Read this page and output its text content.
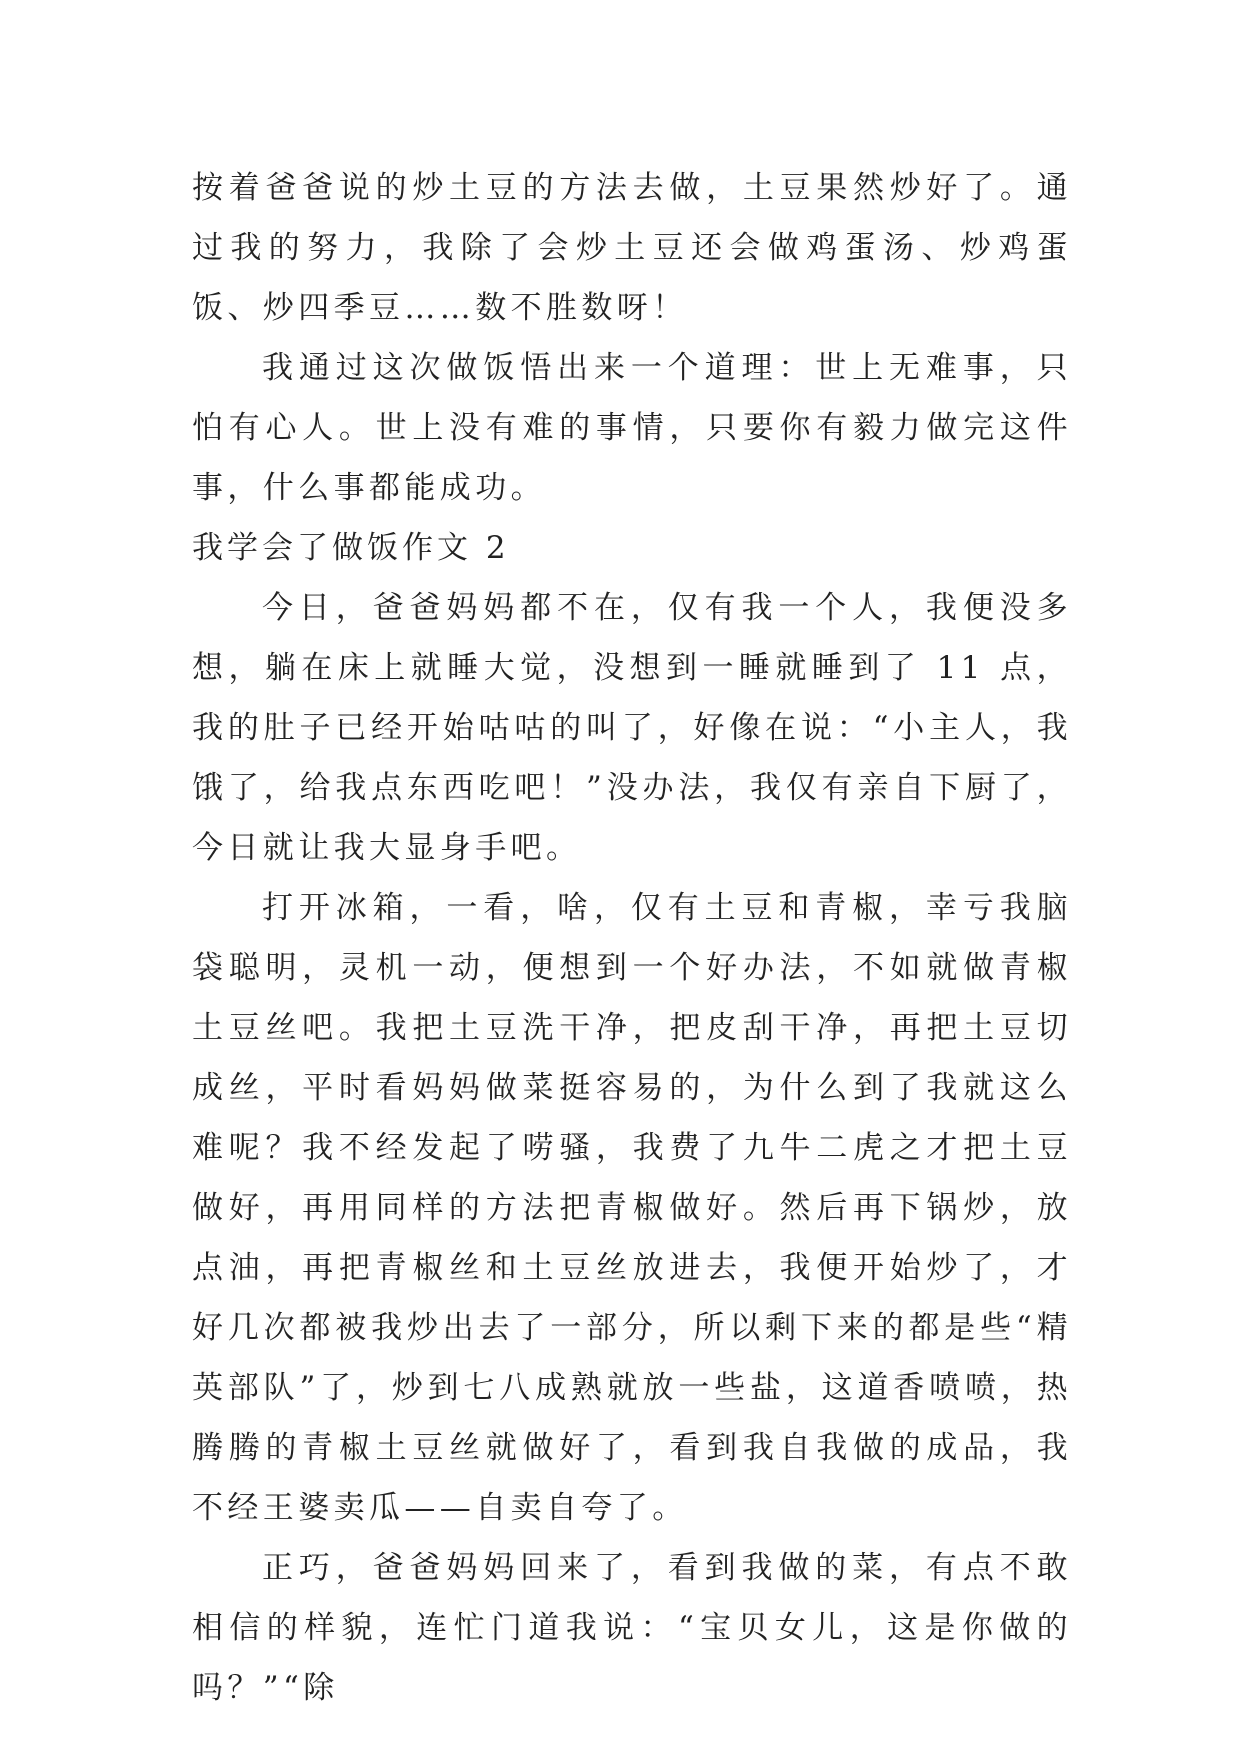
按着爸爸说的炒土豆的方法去做，土豆果然炒好了。通过我的努力，我除了会炒土豆还会做鸡蛋汤、炒鸡蛋饭、炒四季豆……数不胜数呀！

我通过这次做饭悟出来一个道理：世上无难事，只怕有心人。世上没有难的事情，只要你有毅力做完这件事，什么事都能成功。

我学会了做饭作文 2

今日，爸爸妈妈都不在，仅有我一个人，我便没多想，躺在床上就睡大觉，没想到一睡就睡到了 11 点，我的肚子已经开始咕咕的叫了，好像在说：“小主人，我饿了，给我点东西吃吧！”没办法，我仅有亲自下厨了，今日就让我大显身手吧。

打开冰箱，一看，啥，仅有土豆和青椒，幸亏我脑袋聪明，灵机一动，便想到一个好办法，不如就做青椒土豆丝吧。我把土豆洗干净，把皮刮干净，再把土豆切成丝，平时看妈妈做菜挺容易的，为什么到了我就这么难呢？我不经发起了唠骚，我费了九牛二虎之才把土豆做好，再用同样的方法把青椒做好。然后再下锅炒，放点油，再把青椒丝和土豆丝放进去，我便开始炒了，才好几次都被我炒出去了一部分，所以剩下来的都是些“精英部队”了，炒到七八成熟就放一些盐，这道香喷喷，热腾腾的青椒土豆丝就做好了，看到我自我做的成品，我不经王婆卖瓜——自卖自夸了。

正巧，爸爸妈妈回来了，看到我做的菜，有点不敢相信的样貌，连忙门道我说：“宝贝女儿，这是你做的吗？”“除
